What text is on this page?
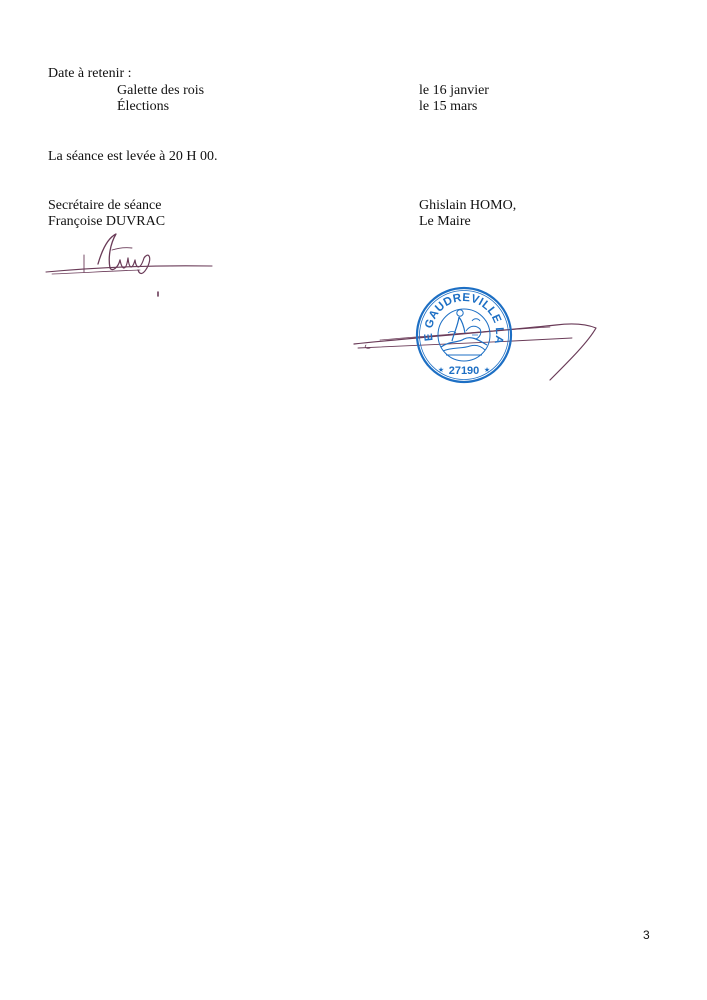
Date à retenir :
Galette des rois	le 16 janvier
Élections	le 15 mars
La séance est levée à 20 H 00.
Secrétaire de séance
Françoise DUVRAC
Ghislain HOMO,
Le Maire
E GAUDREVILLE LA
27190
★	★
3
